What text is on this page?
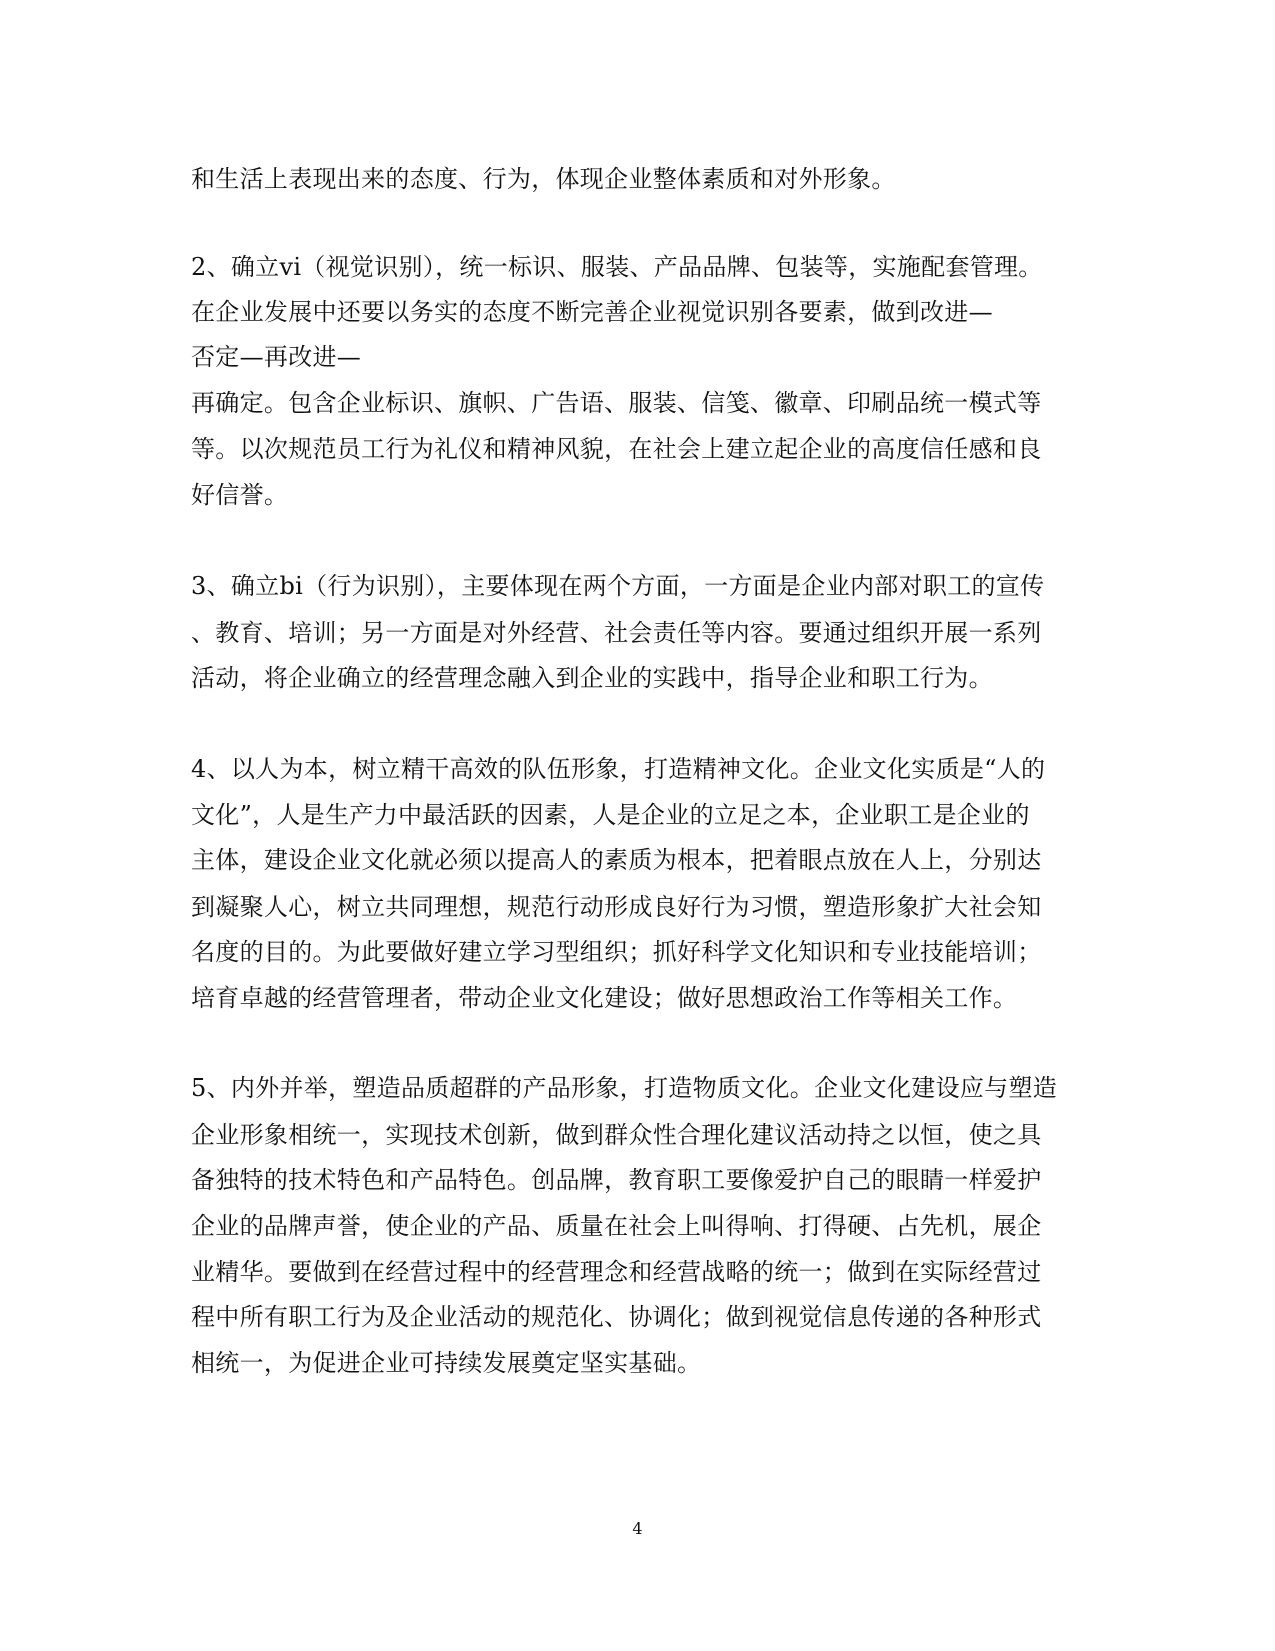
和生活上表现出来的态度、行为，体现企业整体素质和对外形象。
2、确立vi（视觉识别），统一标识、服装、产品品牌、包装等，实施配套管理。
在企业发展中还要以务实的态度不断完善企业视觉识别各要素，做到改进—
否定—再改进—
再确定。包含企业标识、旗帜、广告语、服装、信笺、徽章、印刷品统一模式等
等。以次规范员工行为礼仪和精神风貌，在社会上建立起企业的高度信任感和良
好信誉。
3、确立bi（行为识别），主要体现在两个方面，一方面是企业内部对职工的宣传
、教育、培训；另一方面是对外经营、社会责任等内容。要通过组织开展一系列
活动，将企业确立的经营理念融入到企业的实践中，指导企业和职工行为。
4、以人为本，树立精干高效的队伍形象，打造精神文化。企业文化实质是“人的
文化”，人是生产力中最活跃的因素，人是企业的立足之本，企业职工是企业的
主体，建设企业文化就必须以提高人的素质为根本，把着眼点放在人上，分别达
到凝聚人心，树立共同理想，规范行动形成良好行为习惯，塑造形象扩大社会知
名度的目的。为此要做好建立学习型组织；抓好科学文化知识和专业技能培训；
培育卓越的经营管理者，带动企业文化建设；做好思想政治工作等相关工作。
5、内外并举，塑造品质超群的产品形象，打造物质文化。企业文化建设应与塑造
企业形象相统一，实现技术创新，做到群众性合理化建议活动持之以恒，使之具
备独特的技术特色和产品特色。创品牌，教育职工要像爱护自己的眼睛一样爱护
企业的品牌声誉，使企业的产品、质量在社会上叫得响、打得硬、占先机，展企
业精华。要做到在经营过程中的经营理念和经营战略的统一；做到在实际经营过
程中所有职工行为及企业活动的规范化、协调化；做到视觉信息传递的各种形式
相统一，为促进企业可持续发展奠定坚实基础。
4
